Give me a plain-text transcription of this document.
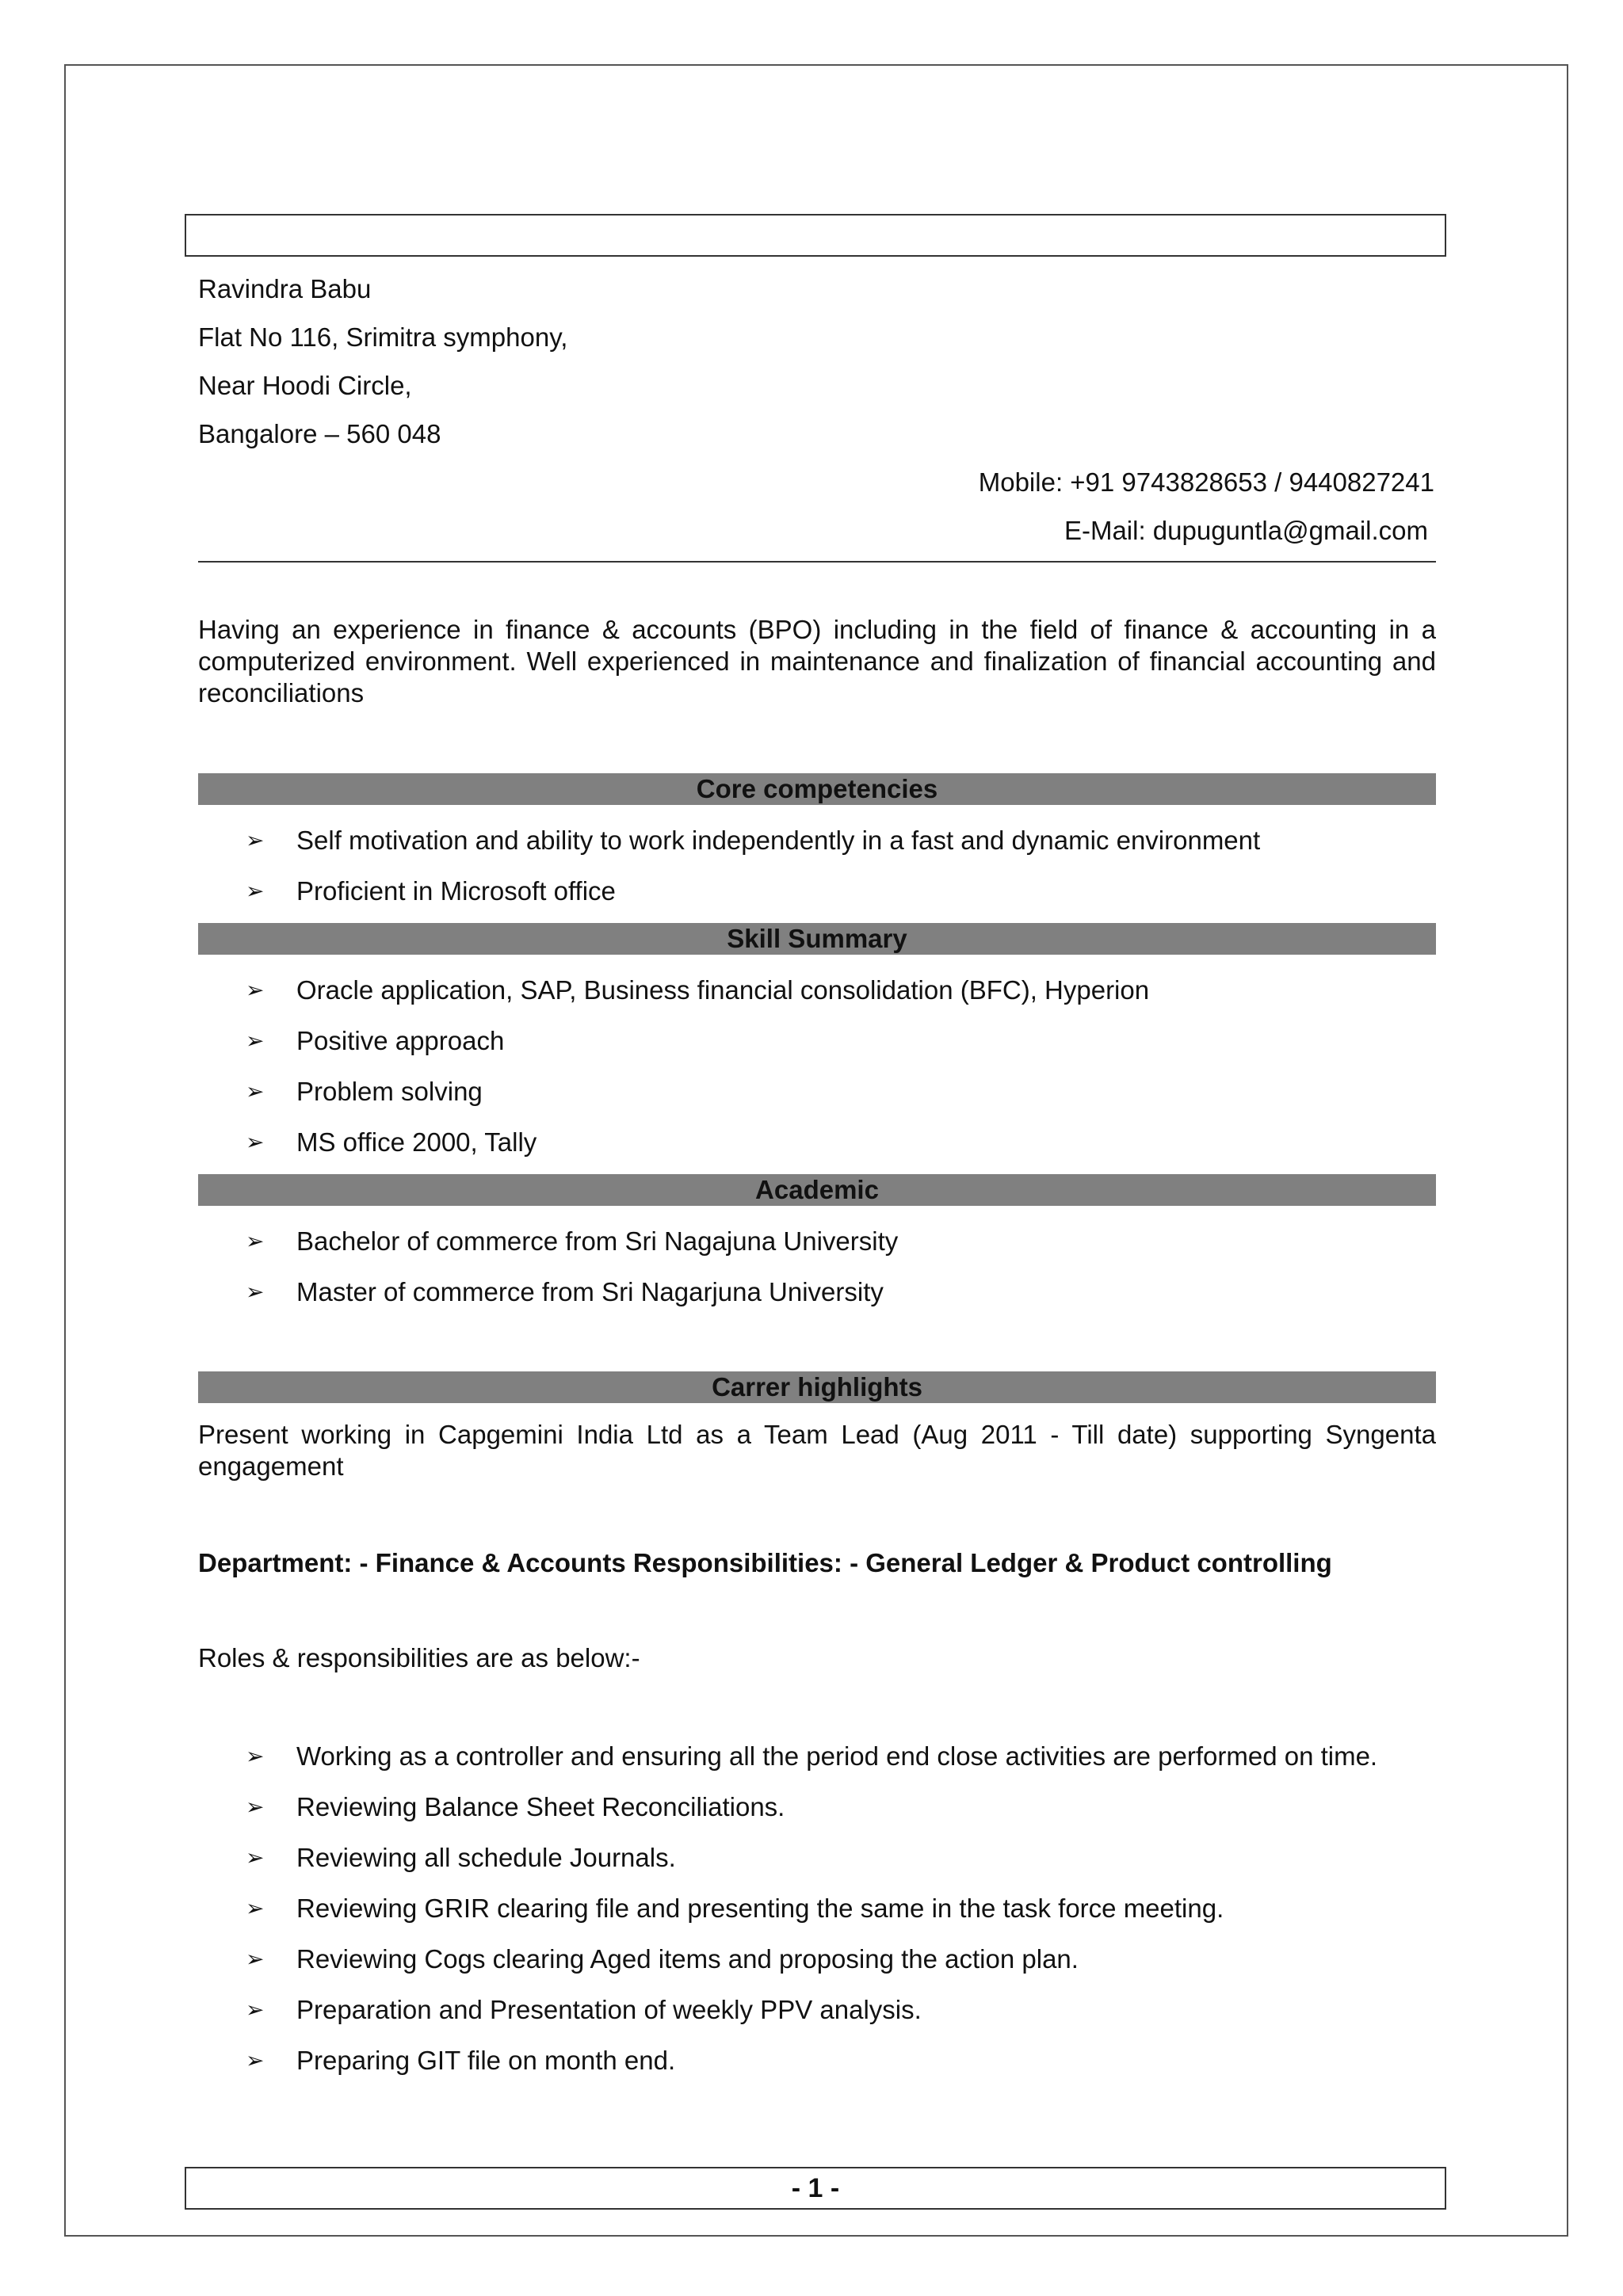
Ravindra Babu
Flat No 116, Srimitra symphony,
Near Hoodi Circle,
Bangalore – 560 048
Mobile: +91 9743828653 / 9440827241
E-Mail: dupuguntla@gmail.com
Having an experience in finance & accounts (BPO) including in the field of finance & accounting in a computerized environment. Well experienced in maintenance and finalization of financial accounting and reconciliations
Core competencies
➢ Self motivation and ability to work independently in a fast and dynamic environment
➢ Proficient in Microsoft office
Skill Summary
➢ Oracle application, SAP, Business financial consolidation (BFC), Hyperion
➢ Positive approach
➢ Problem solving
➢ MS office 2000, Tally
Academic
➢ Bachelor of commerce from Sri Nagajuna University
➢ Master of commerce from Sri Nagarjuna University
Carrer highlights
Present working in Capgemini India Ltd as a Team Lead (Aug 2011 - Till date) supporting Syngenta engagement
Department: - Finance & Accounts Responsibilities: - General Ledger & Product controlling
Roles & responsibilities are as below:-
➢ Working as a controller and ensuring all the period end close activities are performed on time.
➢ Reviewing Balance Sheet Reconciliations.
➢ Reviewing all schedule Journals.
➢ Reviewing GRIR clearing file and presenting the same in the task force meeting.
➢ Reviewing Cogs clearing Aged items and proposing the action plan.
➢ Preparation and Presentation of weekly PPV analysis.
➢ Preparing GIT file on month end.
- 1 -
